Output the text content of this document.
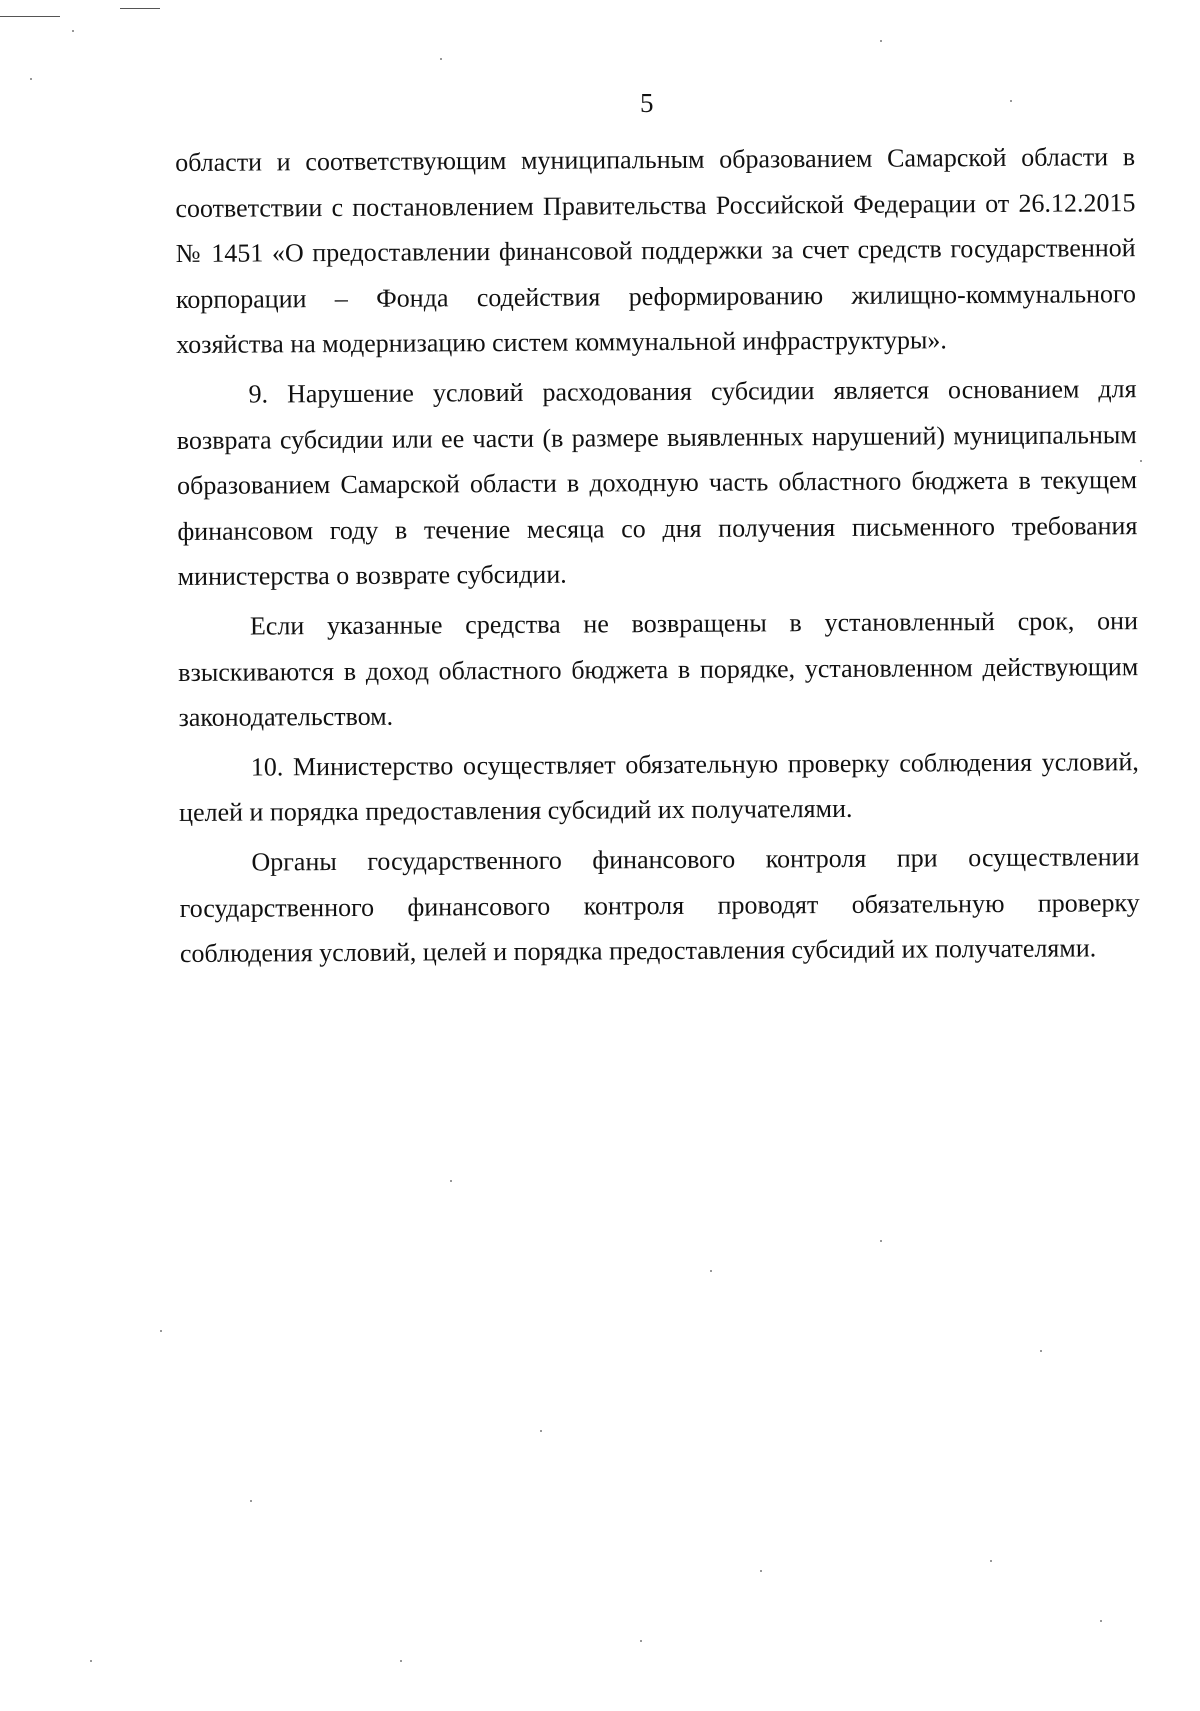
5

области и соответствующим муниципальным образованием Самарской области в соответствии с постановлением Правительства Российской Федерации от 26.12.2015 № 1451 «О предоставлении финансовой поддержки за счет средств государственной корпорации – Фонда содействия реформированию жилищно-коммунального хозяйства на модернизацию систем коммунальной инфраструктуры».

9. Нарушение условий расходования субсидии является основанием для возврата субсидии или ее части (в размере выявленных нарушений) муниципальным образованием Самарской области в доходную часть областного бюджета в текущем финансовом году в течение месяца со дня получения письменного требования министерства о возврате субсидии.

Если указанные средства не возвращены в установленный срок, они взыскиваются в доход областного бюджета в порядке, установленном действующим законодательством.

10. Министерство осуществляет обязательную проверку соблюдения условий, целей и порядка предоставления субсидий их получателями.

Органы государственного финансового контроля при осуществлении государственного финансового контроля проводят обязательную проверку соблюдения условий, целей и порядка предоставления субсидий их получателями.
